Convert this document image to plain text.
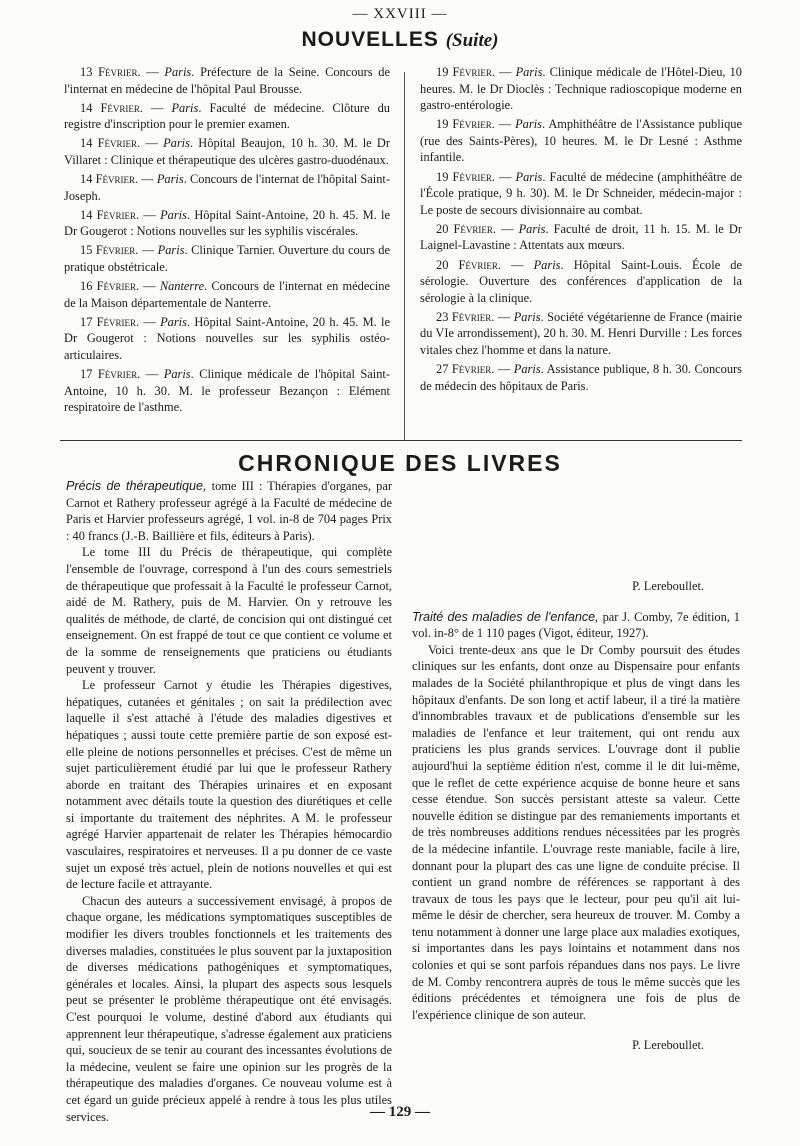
— XXVIII —
NOUVELLES (Suite)

13 Février. — Paris. Préfecture de la Seine. Concours de l'internat en médecine de l'hôpital Paul Brousse.

14 Février. — Paris. Faculté de médecine. Clôture du registre d'inscription pour le premier examen.

14 Février. — Paris. Hôpital Beaujon, 10 h. 30. M. le Dr Villaret : Clinique et thérapeutique des ulcères gastro-duodénaux.

14 Février. — Paris. Concours de l'internat de l'hôpital Saint-Joseph.

14 Février. — Paris. Hôpital Saint-Antoine, 20 h. 45. M. le Dr Gougerot : Notions nouvelles sur les syphilis viscérales.

15 Février. — Paris. Clinique Tarnier. Ouverture du cours de pratique obstétricale.

16 Février. — Nanterre. Concours de l'internat en médecine de la Maison départementale de Nanterre.

17 Février. — Paris. Hôpital Saint-Antoine, 20 h. 45. M. le Dr Gougerot : Notions nouvelles sur les syphilis ostéo-articulaires.

17 Février. — Paris. Clinique médicale de l'hôpital Saint-Antoine, 10 h. 30. M. le professeur Bezançon : Elément respiratoire de l'asthme.

19 Février. — Paris. Clinique médicale de l'Hôtel-Dieu, 10 heures. M. le Dr Dioclès : Technique radioscopique moderne en gastro-entérologie.

19 Février. — Paris. Amphithéâtre de l'Assistance publique (rue des Saints-Pères), 10 heures. M. le Dr Lesné : Asthme infantile.

19 Février. — Paris. Faculté de médecine (amphithéâtre de l'École pratique, 9 h. 30). M. le Dr Schneider, médecin-major : Le poste de secours divisionnaire au combat.

20 Février. — Paris. Faculté de droit, 11 h. 15. M. le Dr Laignel-Lavastine : Attentats aux mœurs.

20 Février. — Paris. Hôpital Saint-Louis. École de sérologie. Ouverture des conférences d'application de la sérologie à la clinique.

23 Février. — Paris. Société végétarienne de France (mairie du VIe arrondissement), 20 h. 30. M. Henri Durville : Les forces vitales chez l'homme et dans la nature.

27 Février. — Paris. Assistance publique, 8 h. 30. Concours de médecin des hôpitaux de Paris.

CHRONIQUE DES LIVRES

Précis de thérapeutique, tome III : Thérapies d'organes, par Carnot et Rathery professeur agrégé à la Faculté de médecine de Paris et Harvier professeurs agrégé, 1 vol. in-8 de 704 pages Prix : 40 francs (J.-B. Baillière et fils, éditeurs à Paris).

Le tome III du Précis de thérapeutique, qui complète l'ensemble de l'ouvrage, correspond à l'un des cours semestriels de thérapeutique que professait à la Faculté le professeur Carnot, aidé de M. Rathery, puis de M. Harvier. On y retrouve les qualités de méthode, de clarté, de concision qui ont distingué cet enseignement. On est frappé de tout ce que contient ce volume et de la somme de renseignements que praticiens ou étudiants peuvent y trouver.

Le professeur Carnot y étudie les Thérapies digestives, hépatiques, cutanées et génitales ; on sait la prédilection avec laquelle il s'est attaché à l'étude des maladies digestives et hépatiques ; aussi toute cette première partie de son exposé est-elle pleine de notions personnelles et précises. C'est de même un sujet particulièrement étudié par lui que le professeur Rathery aborde en traitant des Thérapies urinaires et en exposant notamment avec détails toute la question des diurétiques et celle si importante du traitement des néphrites. A M. le professeur agrégé Harvier appartenait de relater les Thérapies hémocardio vasculaires, respiratoires et nerveuses. Il a pu donner de ce vaste sujet un exposé très actuel, plein de notions nouvelles et qui est de lecture facile et attrayante.

Chacun des auteurs a successivement envisagé, à propos de chaque organe, les médications symptomatiques susceptibles de modifier les divers troubles fonctionnels et les traitements des diverses maladies, constituées le plus souvent par la juxtaposition de diverses médications pathogéniques et symptomatiques, générales et locales. Ainsi, la plupart des aspects sous lesquels peut se présenter le problème thérapeutique ont été envisagés. C'est pourquoi le volume, destiné d'abord aux étudiants qui apprennent leur thérapeutique, s'adresse également aux praticiens qui, soucieux de se tenir au courant des incessantes évolutions de la médecine, veulent se faire une opinion sur les progrès de la thérapeutique des maladies d'organes. Ce nouveau volume est à cet égard un guide précieux appelé à rendre à tous les plus utiles services.

P. Lereboullet.

Traité des maladies de l'enfance, par J. Comby, 7e édition, 1 vol. in-8° de 1 110 pages (Vigot, éditeur, 1927).

Voici trente-deux ans que le Dr Comby poursuit des études cliniques sur les enfants, dont onze au Dispensaire pour enfants malades de la Société philanthropique et plus de vingt dans les hôpitaux d'enfants. De son long et actif labeur, il a tiré la matière d'innombrables travaux et de publications d'ensemble sur les maladies de l'enfance et leur traitement, qui ont rendu aux praticiens les plus grands services. L'ouvrage dont il publie aujourd'hui la septième édition n'est, comme il le dit lui-même, que le reflet de cette expérience acquise de bonne heure et sans cesse étendue. Son succès persistant atteste sa valeur. Cette nouvelle édition se distingue par des remaniements importants et de très nombreuses additions rendues nécessitées par les progrès de la médecine infantile. L'ouvrage reste maniable, facile à lire, donnant pour la plupart des cas une ligne de conduite précise. Il contient un grand nombre de références se rapportant à des travaux de tous les pays que le lecteur, pour peu qu'il ait lui-même le désir de chercher, sera heureux de trouver. M. Comby a tenu notamment à donner une large place aux maladies exotiques, si importantes dans les pays lointains et notamment dans nos colonies et qui se sont parfois répandues dans nos pays. Le livre de M. Comby rencontrera auprès de tous le même succès que les éditions précédentes et témoignera une fois de plus de l'expérience clinique de son auteur.

P. Lereboullet.

— 129 —
